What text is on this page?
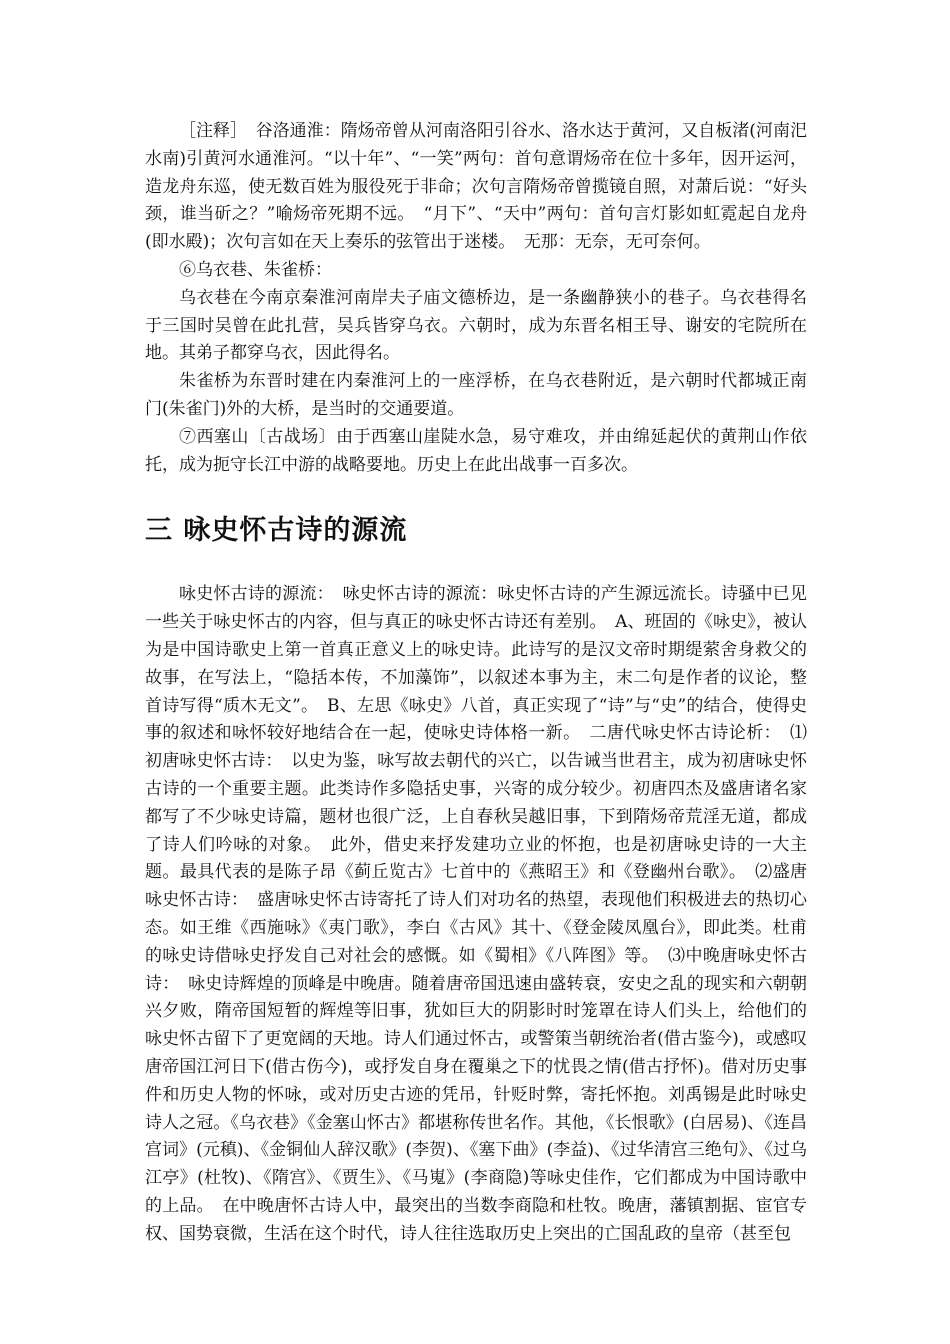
［注释］　谷洛通淮：隋炀帝曾从河南洛阳引谷水、洛水达于黄河，又自板渚(河南汜水南)引黄河水通淮河。“以十年”、“一笑”两句：首句意谓炀帝在位十多年，因开运河，造龙舟东巡，使无数百姓为服役死于非命；次句言隋炀帝曾揽镜自照，对萧后说：“好头颈，谁当斫之？”喻炀帝死期不远。　“月下”、“天中”两句：首句言灯影如虹霓起自龙舟(即水殿)；次句言如在天上奏乐的弦管出于迷楼。　无那：无奈，无可奈何。

⑥乌衣巷、朱雀桥：

乌衣巷在今南京秦淮河南岸夫子庙文德桥边，是一条幽静狭小的巷子。乌衣巷得名于三国时吴曾在此扎营，吴兵皆穿乌衣。六朝时，成为东晋名相王导、谢安的宅院所在地。其弟子都穿乌衣，因此得名。

朱雀桥为东晋时建在内秦淮河上的一座浮桥，在乌衣巷附近，是六朝时代都城正南门(朱雀门)外的大桥，是当时的交通要道。

⑦西塞山〔古战场〕由于西塞山崖陡水急，易守难攻，并由绵延起伏的黄荆山作依托，成为扼守长江中游的战略要地。历史上在此出战事一百多次。

三 咏史怀古诗的源流

咏史怀古诗的源流：　咏史怀古诗的源流：咏史怀古诗的产生源远流长。诗骚中已见一些关于咏史怀古的内容，但与真正的咏史怀古诗还有差别。　A、班固的《咏史》，被认为是中国诗歌史上第一首真正意义上的咏史诗。此诗写的是汉文帝时期缇萦舍身救父的故事，在写法上，“隐括本传，不加藻饰”，以叙述本事为主，末二句是作者的议论，整首诗写得“质木无文”。　B、左思《咏史》八首，真正实现了“诗”与“史”的结合，使得史事的叙述和咏怀较好地结合在一起，使咏史诗体格一新。　二唐代咏史怀古诗论析：　⑴初唐咏史怀古诗：　以史为鉴，咏写故去朝代的兴亡，以告诫当世君主，成为初唐咏史怀古诗的一个重要主题。此类诗作多隐括史事，兴寄的成分较少。初唐四杰及盛唐诸名家都写了不少咏史诗篇，题材也很广泛，上自春秋吴越旧事，下到隋炀帝荒淫无道，都成了诗人们吟咏的对象。　此外，借史来抒发建功立业的怀抱，也是初唐咏史诗的一大主题。最具代表的是陈子昂《蓟丘览古》七首中的《燕昭王》和《登幽州台歌》。　⑵盛唐咏史怀古诗：　盛唐咏史怀古诗寄托了诗人们对功名的热望，表现他们积极进去的热切心态。如王维《西施咏》《夷门歌》，李白《古风》其十、《登金陵凤凰台》，即此类。杜甫的咏史诗借咏史抒发自己对社会的感慨。如《蜀相》《八阵图》等。　⑶中晚唐咏史怀古诗：　咏史诗辉煌的顶峰是中晚唐。随着唐帝国迅速由盛转衰，安史之乱的现实和六朝朝兴夕败，隋帝国短暂的辉煌等旧事，犹如巨大的阴影时时笼罩在诗人们头上，给他们的咏史怀古留下了更宽阔的天地。诗人们通过怀古，或警策当朝统治者(借古鉴今)，或感叹唐帝国江河日下(借古伤今)，或抒发自身在覆巢之下的忧畏之情(借古抒怀)。借对历史事件和历史人物的怀咏，或对历史古迹的凭吊，针贬时弊，寄托怀抱。刘禹锡是此时咏史诗人之冠。《乌衣巷》《金塞山怀古》都堪称传世名作。其他，《长恨歌》(白居易)、《连昌宫词》(元稹)、《金铜仙人辞汉歌》(李贺)、《塞下曲》(李益)、《过华清宫三绝句》、《过乌江亭》(杜牧)、《隋宫》、《贾生》、《马嵬》(李商隐)等咏史佳作，它们都成为中国诗歌中的上品。　在中晚唐怀古诗人中，最突出的当数李商隐和杜牧。晚唐，藩镇割据、宦官专权、国势衰微，生活在这个时代，诗人往往选取历史上突出的亡国乱政的皇帝（甚至包
